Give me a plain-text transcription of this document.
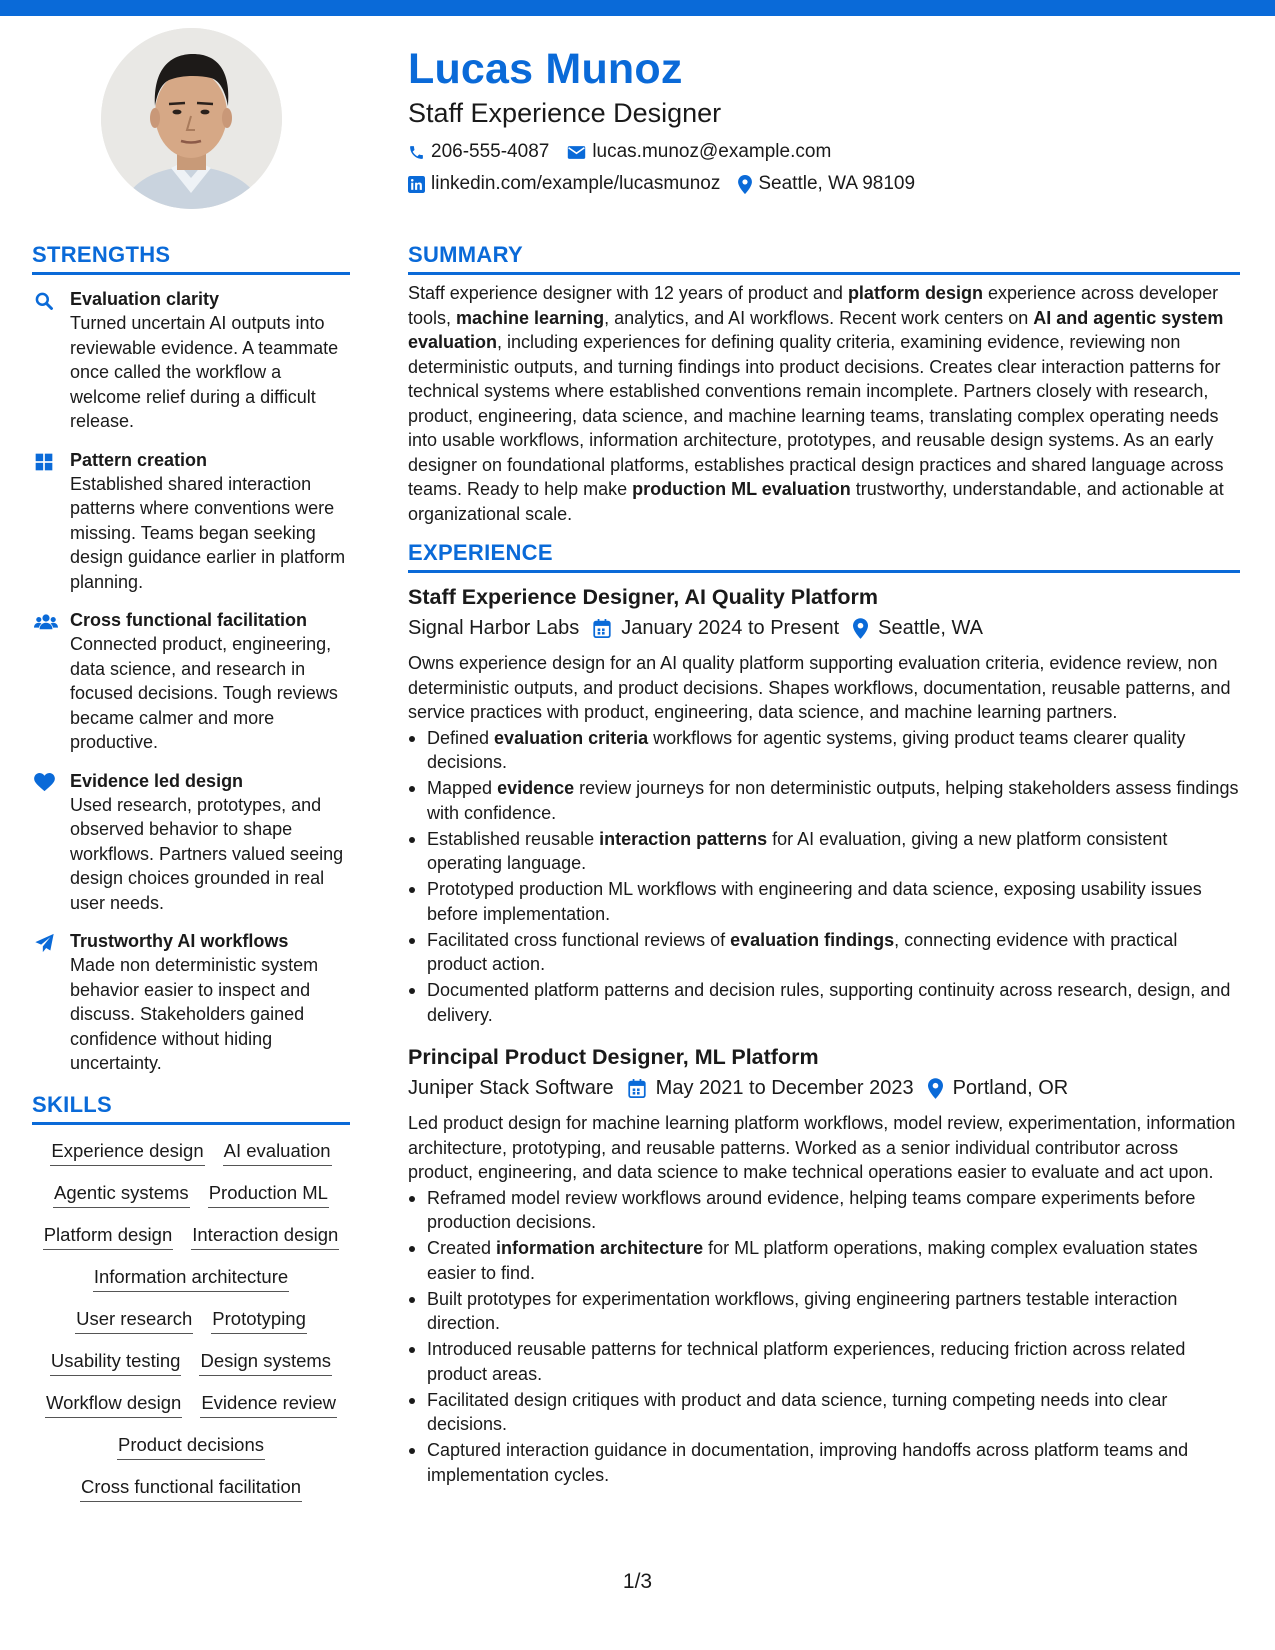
Lucas Munoz
Staff Experience Designer
206-555-4087 lucas.munoz@example.com
linkedin.com/example/lucasmunoz Seattle, WA 98109
STRENGTHS
Evaluation clarity
Turned uncertain AI outputs into reviewable evidence. A teammate once called the workflow a welcome relief during a difficult release.
Pattern creation
Established shared interaction patterns where conventions were missing. Teams began seeking design guidance earlier in platform planning.
Cross functional facilitation
Connected product, engineering, data science, and research in focused decisions. Tough reviews became calmer and more productive.
Evidence led design
Used research, prototypes, and observed behavior to shape workflows. Partners valued seeing design choices grounded in real user needs.
Trustworthy AI workflows
Made non deterministic system behavior easier to inspect and discuss. Stakeholders gained confidence without hiding uncertainty.
SKILLS
Experience design AI evaluation
Agentic systems Production ML
Platform design Interaction design
Information architecture
User research Prototyping
Usability testing Design systems
Workflow design Evidence review
Product decisions
Cross functional facilitation
SUMMARY
Staff experience designer with 12 years of product and platform design experience across developer tools, machine learning, analytics, and AI workflows. Recent work centers on AI and agentic system evaluation, including experiences for defining quality criteria, examining evidence, reviewing non deterministic outputs, and turning findings into product decisions. Creates clear interaction patterns for technical systems where established conventions remain incomplete. Partners closely with research, product, engineering, data science, and machine learning teams, translating complex operating needs into usable workflows, information architecture, prototypes, and reusable design systems. As an early designer on foundational platforms, establishes practical design practices and shared language across teams. Ready to help make production ML evaluation trustworthy, understandable, and actionable at organizational scale.
EXPERIENCE
Staff Experience Designer, AI Quality Platform
Signal Harbor Labs January 2024 to Present Seattle, WA
Owns experience design for an AI quality platform supporting evaluation criteria, evidence review, non deterministic outputs, and product decisions. Shapes workflows, documentation, reusable patterns, and service practices with product, engineering, data science, and machine learning partners.
Defined evaluation criteria workflows for agentic systems, giving product teams clearer quality decisions.
Mapped evidence review journeys for non deterministic outputs, helping stakeholders assess findings with confidence.
Established reusable interaction patterns for AI evaluation, giving a new platform consistent operating language.
Prototyped production ML workflows with engineering and data science, exposing usability issues before implementation.
Facilitated cross functional reviews of evaluation findings, connecting evidence with practical product action.
Documented platform patterns and decision rules, supporting continuity across research, design, and delivery.
Principal Product Designer, ML Platform
Juniper Stack Software May 2021 to December 2023 Portland, OR
Led product design for machine learning platform workflows, model review, experimentation, information architecture, prototyping, and reusable patterns. Worked as a senior individual contributor across product, engineering, and data science to make technical operations easier to evaluate and act upon.
Reframed model review workflows around evidence, helping teams compare experiments before production decisions.
Created information architecture for ML platform operations, making complex evaluation states easier to find.
Built prototypes for experimentation workflows, giving engineering partners testable interaction direction.
Introduced reusable patterns for technical platform experiences, reducing friction across related product areas.
Facilitated design critiques with product and data science, turning competing needs into clear decisions.
Captured interaction guidance in documentation, improving handoffs across platform teams and implementation cycles.
1/3
